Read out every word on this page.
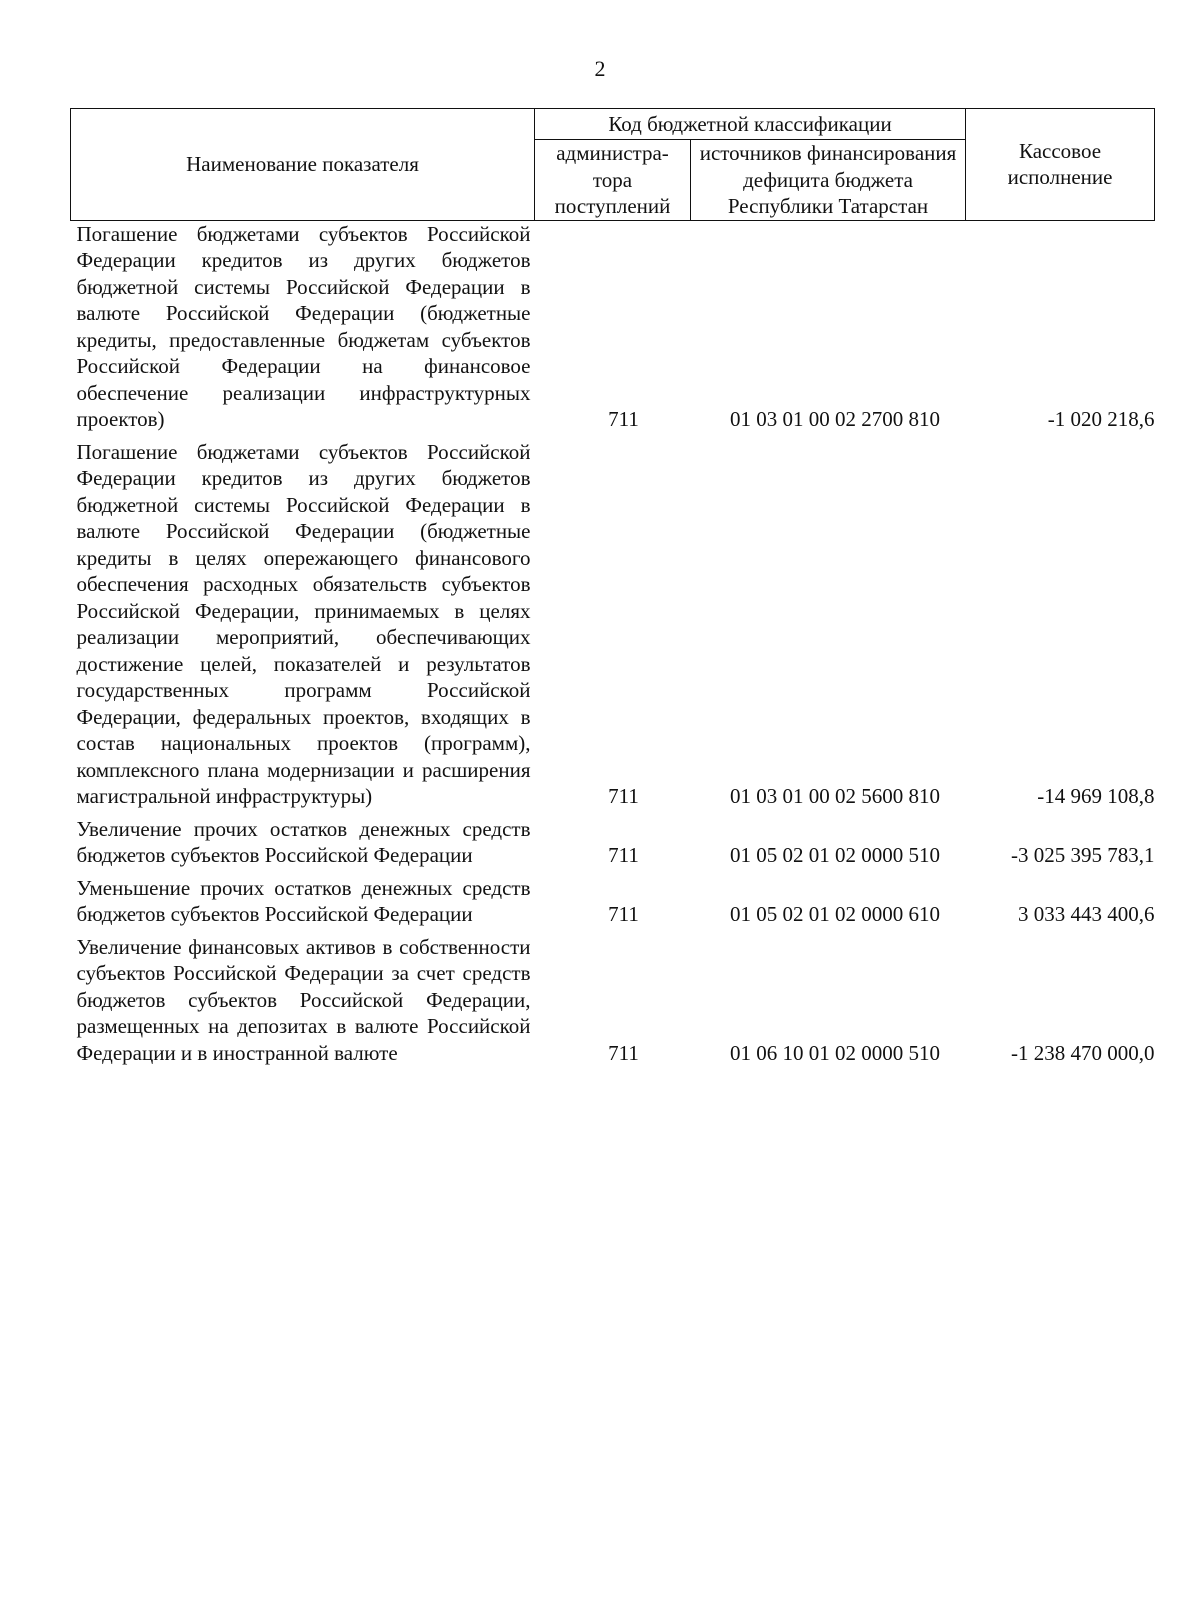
2
Наименование показателя	Код бюджетной классификации		Кассовое исполнение
	администра-тора поступлений	источников финансирования дефицита бюджета Республики Татарстан	

Погашение бюджетами субъектов Российской Федерации кредитов из других бюджетов бюджетной системы Российской Федерации в валюте Российской Федерации (бюджетные кредиты, предоставленные бюджетам субъектов Российской Федерации на финансовое обеспечение реализации инфраструктурных проектов)	711	01 03 01 00 02 2700 810	-1 020 218,6

Погашение бюджетами субъектов Российской Федерации кредитов из других бюджетов бюджетной системы Российской Федерации в валюте Российской Федерации (бюджетные кредиты в целях опережающего финансового обеспечения расходных обязательств субъектов Российской Федерации, принимаемых в целях реализации мероприятий, обеспечивающих достижение целей, показателей и результатов государственных программ Российской Федерации, федеральных проектов, входящих в состав национальных проектов (программ), комплексного плана модернизации и расширения магистральной инфраструктуры)	711	01 03 01 00 02 5600 810	-14 969 108,8

Увеличение прочих остатков денежных средств бюджетов субъектов Российской Федерации	711	01 05 02 01 02 0000 510	-3 025 395 783,1

Уменьшение прочих остатков денежных средств бюджетов субъектов Российской Федерации	711	01 05 02 01 02 0000 610	3 033 443 400,6

Увеличение финансовых активов в собственности субъектов Российской Федерации за счет средств бюджетов субъектов Российской Федерации, размещенных на депозитах в валюте Российской Федерации и в иностранной валюте	711	01 06 10 01 02 0000 510	-1 238 470 000,0
